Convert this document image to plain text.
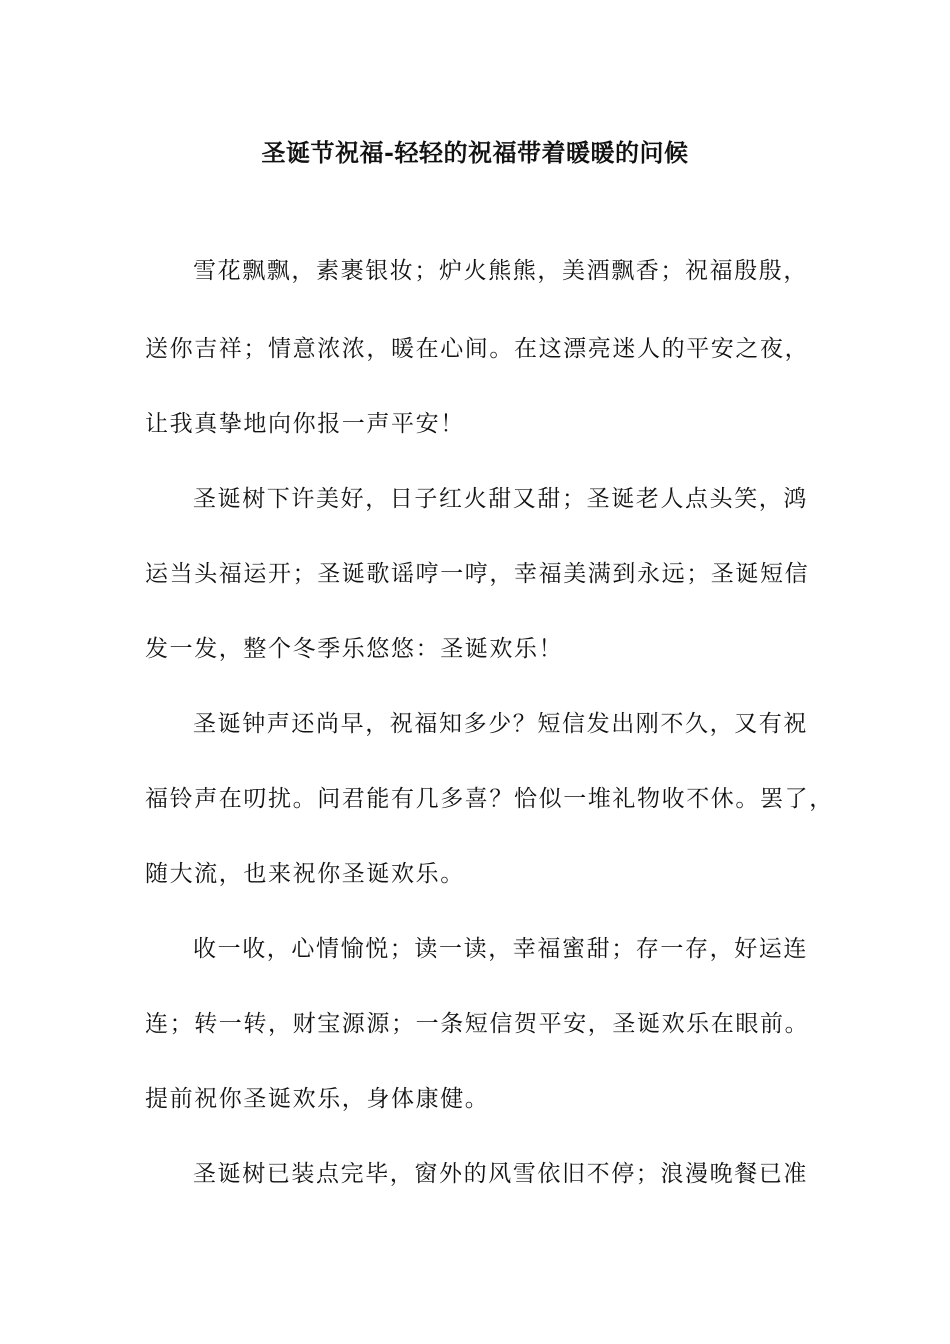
圣诞节祝福-轻轻的祝福带着暖暖的问候

雪花飘飘，素裹银妆；炉火熊熊，美酒飘香；祝福殷殷，

送你吉祥；情意浓浓，暖在心间。在这漂亮迷人的平安之夜，

让我真挚地向你报一声平安！

圣诞树下许美好，日子红火甜又甜；圣诞老人点头笑，鸿

运当头福运开；圣诞歌谣哼一哼，幸福美满到永远；圣诞短信

发一发，整个冬季乐悠悠：圣诞欢乐！

圣诞钟声还尚早，祝福知多少？短信发出刚不久，又有祝

福铃声在叨扰。问君能有几多喜？恰似一堆礼物收不休。罢了，

随大流，也来祝你圣诞欢乐。

收一收，心情愉悦；读一读，幸福蜜甜；存一存，好运连

连；转一转，财宝源源；一条短信贺平安，圣诞欢乐在眼前。

提前祝你圣诞欢乐，身体康健。

圣诞树已装点完毕，窗外的风雪依旧不停；浪漫晚餐已准
